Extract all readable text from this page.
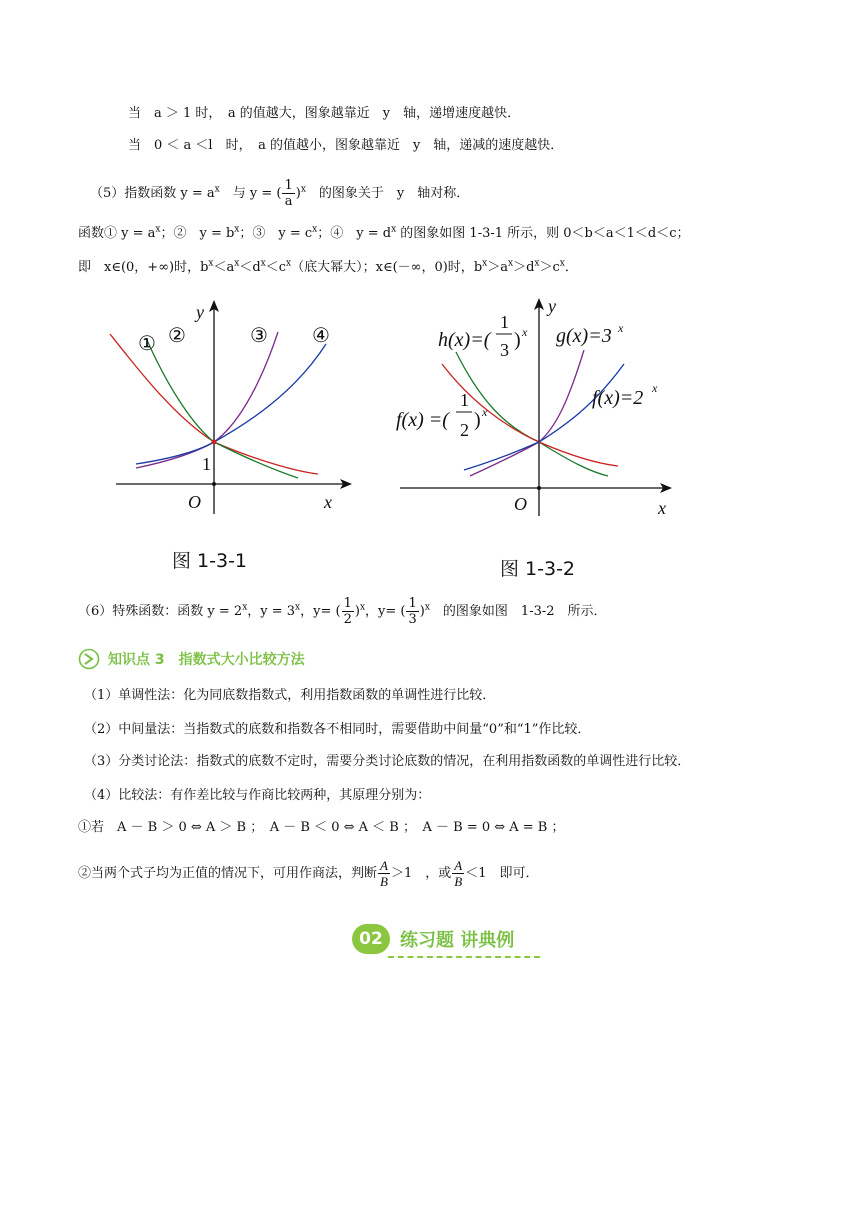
当　a ＞ 1 时，　a 的值越大，图象越靠近　y　轴，递增速度越快．
当　0 ＜ a ＜l　时，　a 的值越小，图象越靠近　y　轴，递减的速度越快．
（5）指数函数 $y = a^x$　 与 y = ( $\frac{1}{a} )^x$　 的图象关于　y　轴对称．
函数① $y = a^x$；②　$y = b^x$；③　$y = c^x$；④　$y = d^x$ 的图象如图 1-3-1 所示，则 0＜b＜a＜1＜d＜c；
即　x∈(0，+∞)时，$b^x<a^x<d^x<c^x$（底大幂大）；x∈(－∞，0)时，$b^x>a^x>d^x>c^x$．
① ②	③ ④
y
x
O
1
图 1-3-1
h(x)=(
1
3 ) x g(x)=3 x
f(x) =(
1
2 ) x
f(x)=2 x
y
x
O
图 1-3-2
（6）特殊函数：函数 $y = 2^x$，$y = 3^x$，y= ( $\frac{1}{2} )^x$，y= ( $\frac{1}{3} )^x$　 的图象如图　1-3-2　所示．
知识点 3　指数式大小比较方法
（1）单调性法：化为同底数指数式，利用指数函数的单调性进行比较．
（2）中间量法：当指数式的底数和指数各不相同时，需要借助中间量“0”和“1”作比较．
（3）分类讨论法：指数式的底数不定时，需要分类讨论底数的情况，在利用指数函数的单调性进行比较．
（4）比较法：有作差比较与作商比较两种，其原理分别为：
①若　A － B ＞ 0 ⇔ A ＞ B ；　A － B ＜ 0 ⇔ A ＜ B ；　A － B = 0 ⇔ A = B ；
②当两个式子均为正值的情况下，可用作商法，判断 $\frac{A}{B} >1$　，或 $\frac{A}{B} <1$　即可．
02 练习题 讲典例
